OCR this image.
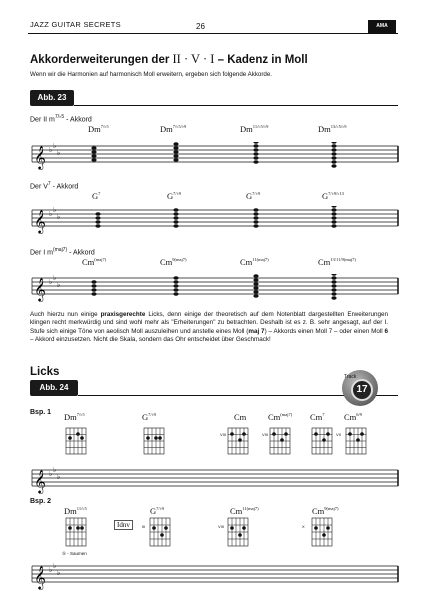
JAZZ GUITAR SECRETS	26	AMA
Akkorderweiterungen der II · V · I – Kadenz in Moll
Wenn wir die Harmonien auf harmonisch Moll erweitern, ergeben sich folgende Akkorde.
Abb. 23
Der II $m^{7/♭5}$ - Akkord
Der $V^7$ - Akkord
Der I $m^{(maj7)}$ - Akkord
$Dm^{7/♭5}$	$Dm^{7/♭5/♭9}$	$Dm^{11/♭5/♭9}$	$Dm^{13/♭5/♭9}$
$G^7$	$G^{7/♭9}$	$G^{7/♭9}$	$G^{7/♭9/♭13}$
$Cm^{(maj7)}$	$Cm^{9(maj7)}$	$Cm^{11(maj7)}$	$Cm^{13/11/9(maj7)}$
𝄞 ♭
♭
♭
𝄞 ♭
♭
♭
𝄞 ♭
♭
♭
Auch hierzu nun einige praxisgerechte Licks, denn einige der theoretisch auf dem Notenblatt dargestellten Erweiterungen klingen recht merkwürdig und sind wohl mehr als "Erheiterungen" zu betrachten. Deshalb ist es z. B. sehr angesagt, auf der I. Stufe sich einige Töne von aeolisch Moll auszuleihen und anstelle eines Moll (maj 7) – Akkords einen Moll 7 – oder einen Moll 6 – Akkord einzusetzen. Nicht die Skala, sondern das Ohr entscheidet über Geschmack!
Licks
Abb. 24
Track
17
Bsp. 1 $Dm^{7/♭5}$	$G^{7/♭9}$	Cm	$Cm^{(maj7)}$ Cm$^7$ $Cm^{6/9}$
VIII	VIII	VII
𝄞 ♭
♭
♭
Bsp. 2
$Dm^{11/♭5}$
Idnv
$G^{7/♭9}$	$Cm^{11(maj7)}$	$Cm^{9(maj7)}$
III	VIII	X
⑤ - Saumen
𝄞 ♭
♭
♭
